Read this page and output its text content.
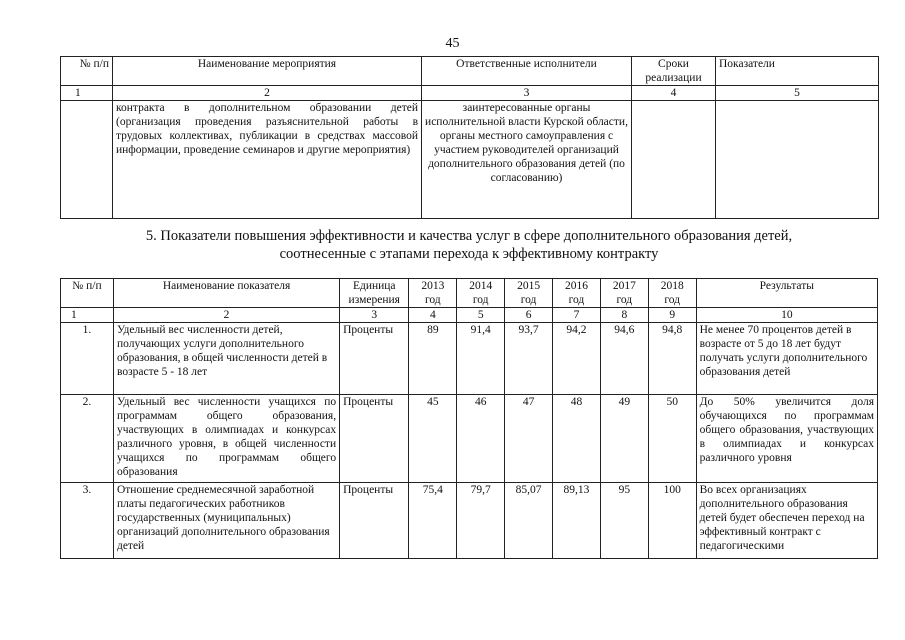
45
№ п/п	Наименование мероприятия	Ответственные исполнители	Сроки реализации	Показатели
1	2	3	4	5
	контракта в дополнительном образовании детей (организация проведения разъяснительной работы в трудовых коллективах, публикации в средствах массовой информации, проведение семинаров и другие мероприятия)	заинтересованные органы исполнительной власти Курской области, органы местного самоуправления с участием руководителей организаций дополнительного образования детей (по согласованию)		
5. Показатели повышения эффективности и качества услуг в сфере дополнительного образования детей,
соотнесенные с этапами перехода к эффективному контракту
№ п/п	Наименование показателя	Единица измерения	2013 год	2014 год	2015 год	2016 год	2017 год	2018 год	Результаты
1	2	3	4	5	6	7	8	9	10
1.	Удельный вес численности детей, получающих услуги дополнительного образования, в общей численности детей в возрасте 5 - 18 лет	Проценты	89	91,4	93,7	94,2	94,6	94,8	Не менее 70 процентов детей в возрасте от 5 до 18 лет будут получать услуги дополнительного образования детей
2.	Удельный вес численности учащихся по программам общего образования, участвующих в олимпиадах и конкурсах различного уровня, в общей численности учащихся по программам общего образования	Проценты	45	46	47	48	49	50	До 50% увеличится доля обучающихся по программам общего образования, участвующих в олимпиадах и конкурсах различного уровня
3.	Отношение среднемесячной заработной платы педагогических работников государственных (муниципальных) организаций дополнительного образования детей	Проценты	75,4	79,7	85,07	89,13	95	100	Во всех организациях дополнительного образования детей будет обеспечен переход на эффективный контракт с педагогическими
